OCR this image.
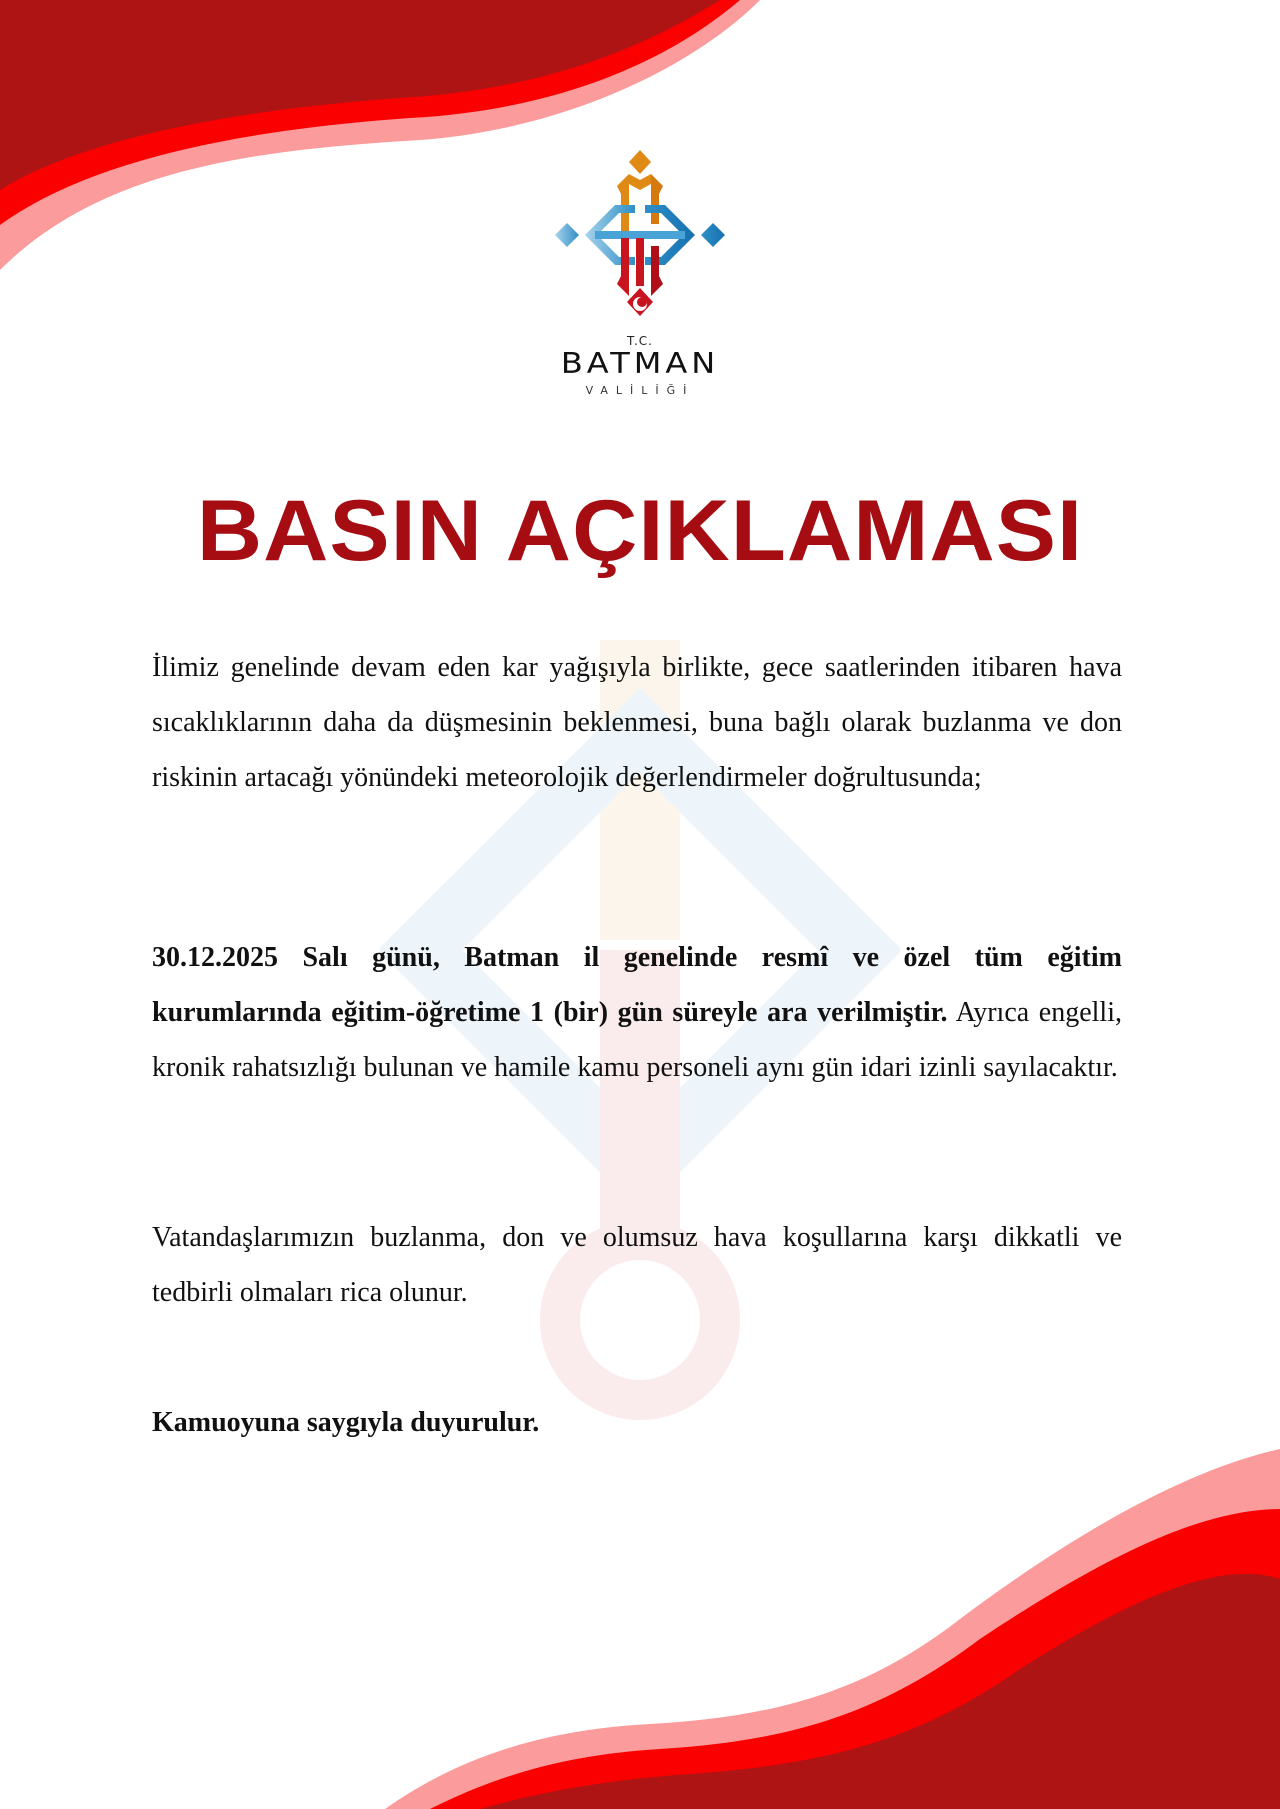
T.C.
BATMAN
VALİLİĞİ
BASIN AÇIKLAMASI

İlimiz genelinde devam eden kar yağışıyla birlikte, gece saatlerinden itibaren hava sıcaklıklarının daha da düşmesinin beklenmesi, buna bağlı olarak buzlanma ve don riskinin artacağı yönündeki meteorolojik değerlendirmeler doğrultusunda;

30.12.2025 Salı günü, Batman il genelinde resmî ve özel tüm eğitim kurumlarında eğitim-öğretime 1 (bir) gün süreyle ara verilmiştir. Ayrıca engelli, kronik rahatsızlığı bulunan ve hamile kamu personeli aynı gün idari izinli sayılacaktır.

Vatandaşlarımızın buzlanma, don ve olumsuz hava koşullarına karşı dikkatli ve tedbirli olmaları rica olunur.

Kamuoyuna saygıyla duyurulur.
